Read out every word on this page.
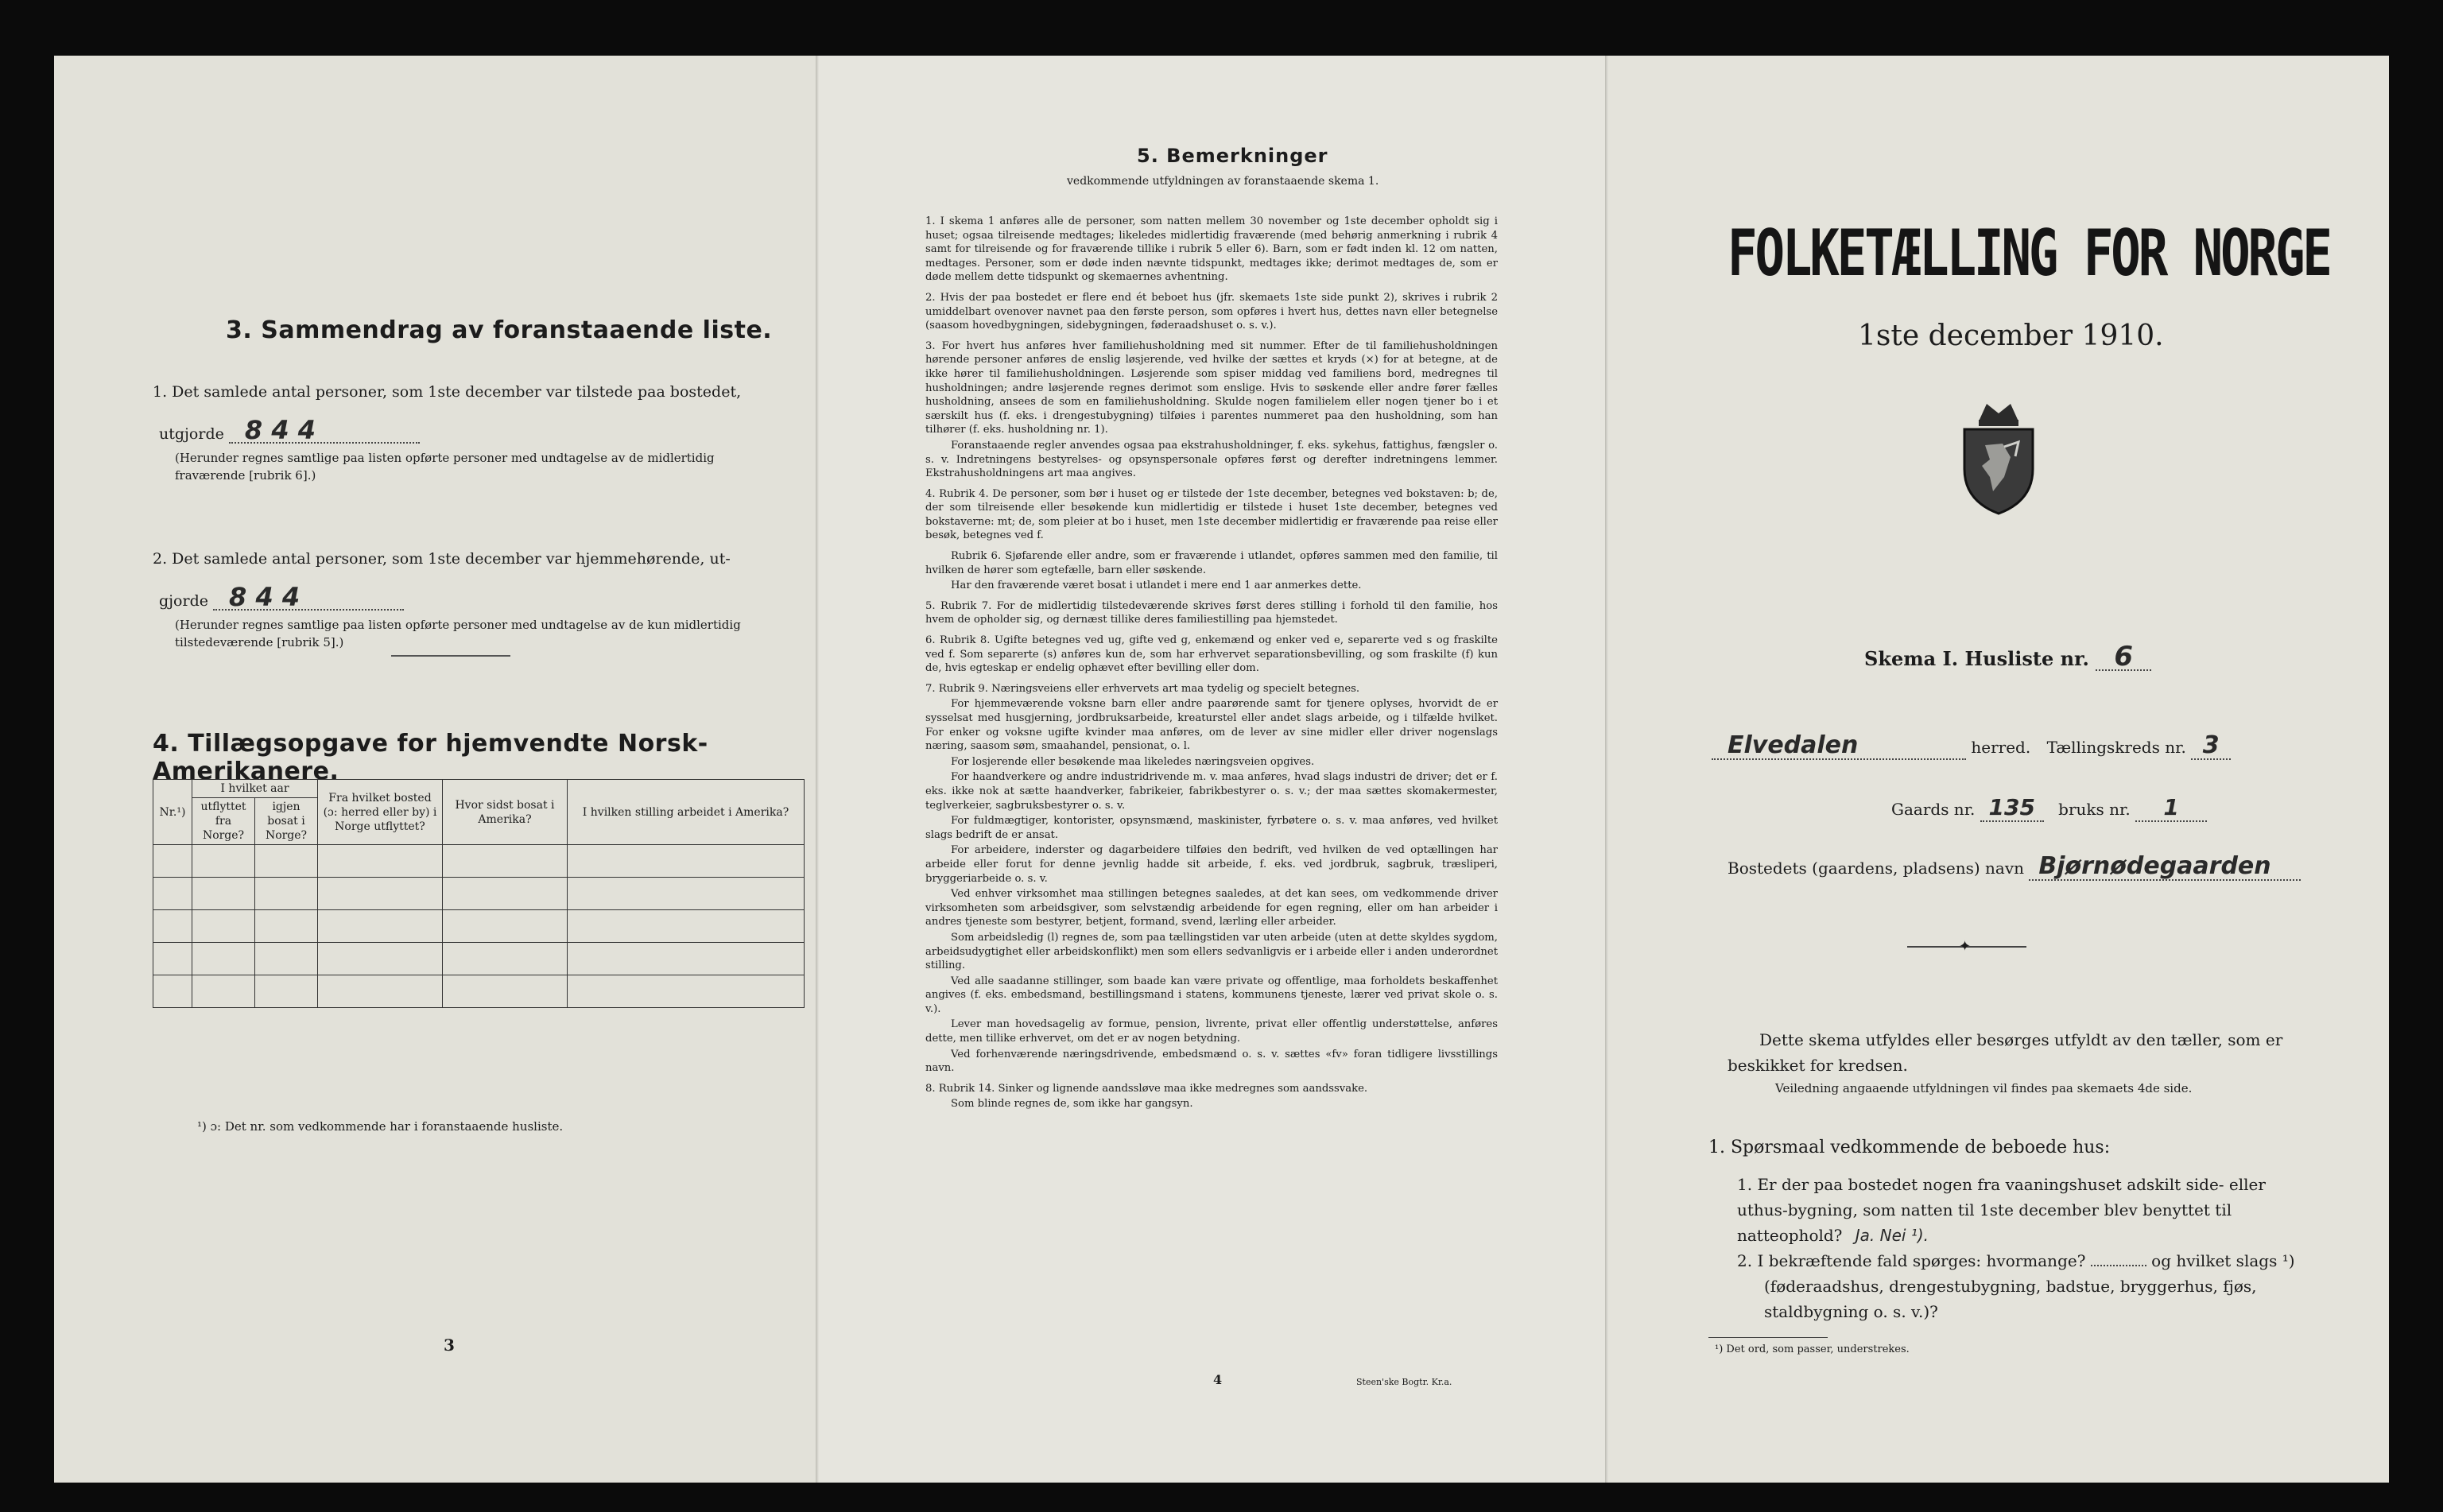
3. Sammendrag av foranstaaende liste.
1. Det samlede antal personer, som 1ste december var tilstede paa bostedet,
utgjorde 8 4 4
(Herunder regnes samtlige paa listen opførte personer med undtagelse av de midlertidig fraværende [rubrik 6].)
2. Det samlede antal personer, som 1ste december var hjemmehørende, ut-
gjorde 8 4 4
(Herunder regnes samtlige paa listen opførte personer med undtagelse av de kun midlertidig tilstedeværende [rubrik 5].)
4. Tillægsopgave for hjemvendte Norsk-Amerikanere.
Nr.¹)	I hvilket aar		Fra hvilket bosted (ɔ: herred eller by) i Norge utflyttet?	Hvor sidst bosat i Amerika?	I hvilken stilling arbeidet i Amerika?
	utflyttet fra Norge?	igjen bosat i Norge?			

¹) ɔ: Det nr. som vedkommende har i foranstaaende husliste.
3
5. Bemerkninger
vedkommende utfyldningen av foranstaaende skema 1.

1. I skema 1 anføres alle de personer, som natten mellem 30 november og 1ste december opholdt sig i huset; ogsaa tilreisende medtages; likeledes midlertidig fraværende (med behørig anmerkning i rubrik 4 samt for tilreisende og for fraværende tillike i rubrik 5 eller 6). Barn, som er født inden kl. 12 om natten, medtages. Personer, som er døde inden nævnte tidspunkt, medtages ikke; derimot medtages de, som er døde mellem dette tidspunkt og skemaernes avhentning.

2. Hvis der paa bostedet er flere end ét beboet hus (jfr. skemaets 1ste side punkt 2), skrives i rubrik 2 umiddelbart ovenover navnet paa den første person, som opføres i hvert hus, dettes navn eller betegnelse (saasom hovedbygningen, sidebygningen, føderaadshuset o. s. v.).

3. For hvert hus anføres hver familiehusholdning med sit nummer. Efter de til familiehusholdningen hørende personer anføres de enslig løsjerende, ved hvilke der sættes et kryds (×) for at betegne, at de ikke hører til familiehusholdningen. Løsjerende som spiser middag ved familiens bord, medregnes til husholdningen; andre løsjerende regnes derimot som enslige. Hvis to søskende eller andre fører fælles husholdning, ansees de som en familiehusholdning. Skulde nogen familielem eller nogen tjener bo i et særskilt hus (f. eks. i drengestubygning) tilføies i parentes nummeret paa den husholdning, som han tilhører (f. eks. husholdning nr. 1).

Foranstaaende regler anvendes ogsaa paa ekstrahusholdninger, f. eks. sykehus, fattighus, fængsler o. s. v. Indretningens bestyrelses- og opsynspersonale opføres først og derefter indretningens lemmer. Ekstrahusholdningens art maa angives.

4. Rubrik 4. De personer, som bør i huset og er tilstede der 1ste december, betegnes ved bokstaven: b; de, der som tilreisende eller besøkende kun midlertidig er tilstede i huset 1ste december, betegnes ved bokstaverne: mt; de, som pleier at bo i huset, men 1ste december midlertidig er fraværende paa reise eller besøk, betegnes ved f.

Rubrik 6. Sjøfarende eller andre, som er fraværende i utlandet, opføres sammen med den familie, til hvilken de hører som egtefælle, barn eller søskende.

Har den fraværende været bosat i utlandet i mere end 1 aar anmerkes dette.

5. Rubrik 7. For de midlertidig tilstedeværende skrives først deres stilling i forhold til den familie, hos hvem de opholder sig, og dernæst tillike deres familiestilling paa hjemstedet.

6. Rubrik 8. Ugifte betegnes ved ug, gifte ved g, enkemænd og enker ved e, separerte ved s og fraskilte ved f. Som separerte (s) anføres kun de, som har erhvervet separationsbevilling, og som fraskilte (f) kun de, hvis egteskap er endelig ophævet efter bevilling eller dom.

7. Rubrik 9. Næringsveiens eller erhvervets art maa tydelig og specielt betegnes.

For hjemmeværende voksne barn eller andre paarørende samt for tjenere oplyses, hvorvidt de er sysselsat med husgjerning, jordbruksarbeide, kreaturstel eller andet slags arbeide, og i tilfælde hvilket. For enker og voksne ugifte kvinder maa anføres, om de lever av sine midler eller driver nogenslags næring, saasom søm, smaahandel, pensionat, o. l.

For losjerende eller besøkende maa likeledes næringsveien opgives.

For haandverkere og andre industridrivende m. v. maa anføres, hvad slags industri de driver; det er f. eks. ikke nok at sætte haandverker, fabrikeier, fabrikbestyrer o. s. v.; der maa sættes skomakermester, teglverkeier, sagbruksbestyrer o. s. v.

For fuldmægtiger, kontorister, opsynsmænd, maskinister, fyrbøtere o. s. v. maa anføres, ved hvilket slags bedrift de er ansat.

For arbeidere, inderster og dagarbeidere tilføies den bedrift, ved hvilken de ved optællingen har arbeide eller forut for denne jevnlig hadde sit arbeide, f. eks. ved jordbruk, sagbruk, træsliperi, bryggeriarbeide o. s. v.

Ved enhver virksomhet maa stillingen betegnes saaledes, at det kan sees, om vedkommende driver virksomheten som arbeidsgiver, som selvstændig arbeidende for egen regning, eller om han arbeider i andres tjeneste som bestyrer, betjent, formand, svend, lærling eller arbeider.

Som arbeidsledig (l) regnes de, som paa tællingstiden var uten arbeide (uten at dette skyldes sygdom, arbeidsudygtighet eller arbeidskonflikt) men som ellers sedvanligvis er i arbeide eller i anden underordnet stilling.

Ved alle saadanne stillinger, som baade kan være private og offentlige, maa forholdets beskaffenhet angives (f. eks. embedsmand, bestillingsmand i statens, kommunens tjeneste, lærer ved privat skole o. s. v.).

Lever man hovedsagelig av formue, pension, livrente, privat eller offentlig understøttelse, anføres dette, men tillike erhvervet, om det er av nogen betydning.

Ved forhenværende næringsdrivende, embedsmænd o. s. v. sættes «fv» foran tidligere livsstillings navn.

8. Rubrik 14. Sinker og lignende aandssløve maa ikke medregnes som aandssvake.

Som blinde regnes de, som ikke har gangsyn.

4	Steen'ske Bogtr. Kr.a.
FOLKETÆLLING FOR NORGE
1ste december 1910.
Skema I. Husliste nr. 6
Elvedalen	herred. Tællingskreds nr. 3
Gaards nr. 135 bruks nr. 1
Bostedets (gaardens, pladsens) navn Bjørnødegaarden
✦
Dette skema utfyldes eller besørges utfyldt av den tæller, som er beskikket for kredsen.
Veiledning angaaende utfyldningen vil findes paa skemaets 4de side.
1. Spørsmaal vedkommende de beboede hus:
1. Er der paa bostedet nogen fra vaaningshuset adskilt side- eller uthus-bygning, som natten til 1ste december blev benyttet til natteophold? Ja. Nei ¹).
2. I bekræftende fald spørges: hvormange?	og hvilket slags ¹)
(føderaadshus, drengestubygning, badstue, bryggerhus, fjøs, staldbygning o. s. v.)?
¹) Det ord, som passer, understrekes.
